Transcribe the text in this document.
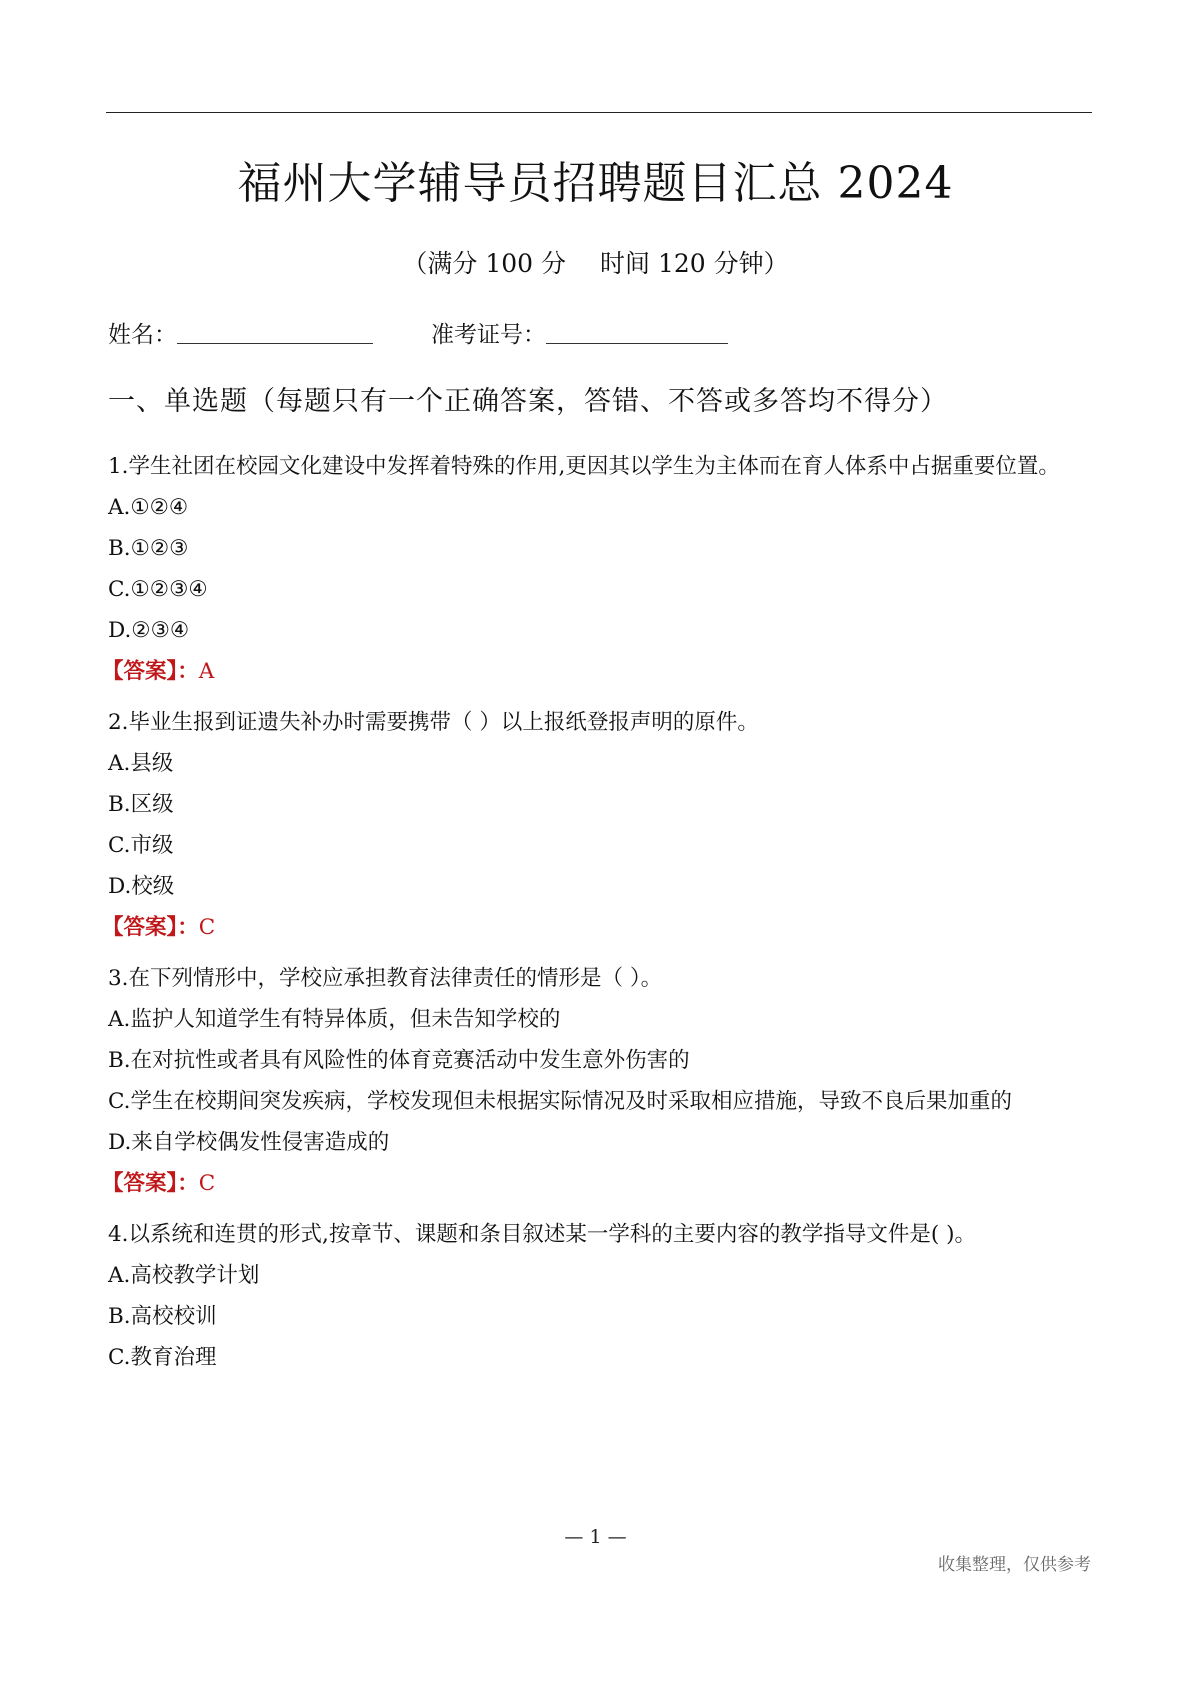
福州大学辅导员招聘题目汇总 2024
（满分 100 分 时间 120 分钟）
姓名：	准考证号：
一、单选题（每题只有一个正确答案，答错、不答或多答均不得分）

1.学生社团在校园文化建设中发挥着特殊的作用,更因其以学生为主体而在育人体系中占据重要位置。

A.①②④

B.①②③

C.①②③④

D.②③④

【答案】：A

2.毕业生报到证遗失补办时需要携带（ ）以上报纸登报声明的原件。

A.县级

B.区级

C.市级

D.校级

【答案】：C

3.在下列情形中，学校应承担教育法律责任的情形是（ ）。

A.监护人知道学生有特异体质，但未告知学校的

B.在对抗性或者具有风险性的体育竞赛活动中发生意外伤害的

C.学生在校期间突发疾病，学校发现但未根据实际情况及时采取相应措施，导致不良后果加重的

D.来自学校偶发性侵害造成的

【答案】：C

4.以系统和连贯的形式,按章节、课题和条目叙述某一学科的主要内容的教学指导文件是( )。

A.高校教学计划

B.高校校训

C.教育治理

— 1 —
收集整理，仅供参考
